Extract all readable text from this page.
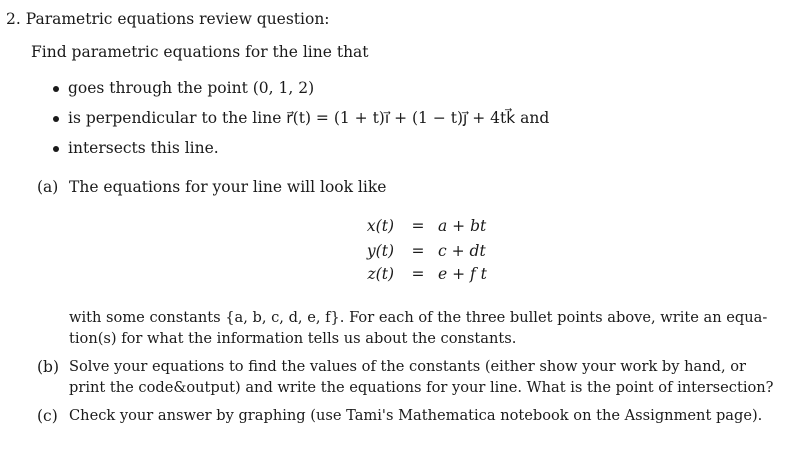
2. Parametric equations review question:
Find parametric equations for the line that
goes through the point (0, 1, 2)
is perpendicular to the line r⃗(t) = (1 + t)i⃗ + (1 − t)j⃗ + 4tk⃗ and
intersects this line.
(a) The equations for your line will look like
x(t) = a + bt
y(t) = c + dt
z(t) = e + f t
with some constants {a, b, c, d, e, f}. For each of the three bullet points above, write an equa-
tion(s) for what the information tells us about the constants.
(b) Solve your equations to find the values of the constants (either show your work by hand, or
print the code&output) and write the equations for your line. What is the point of intersection?
(c) Check your answer by graphing (use Tami's Mathematica notebook on the Assignment page).
